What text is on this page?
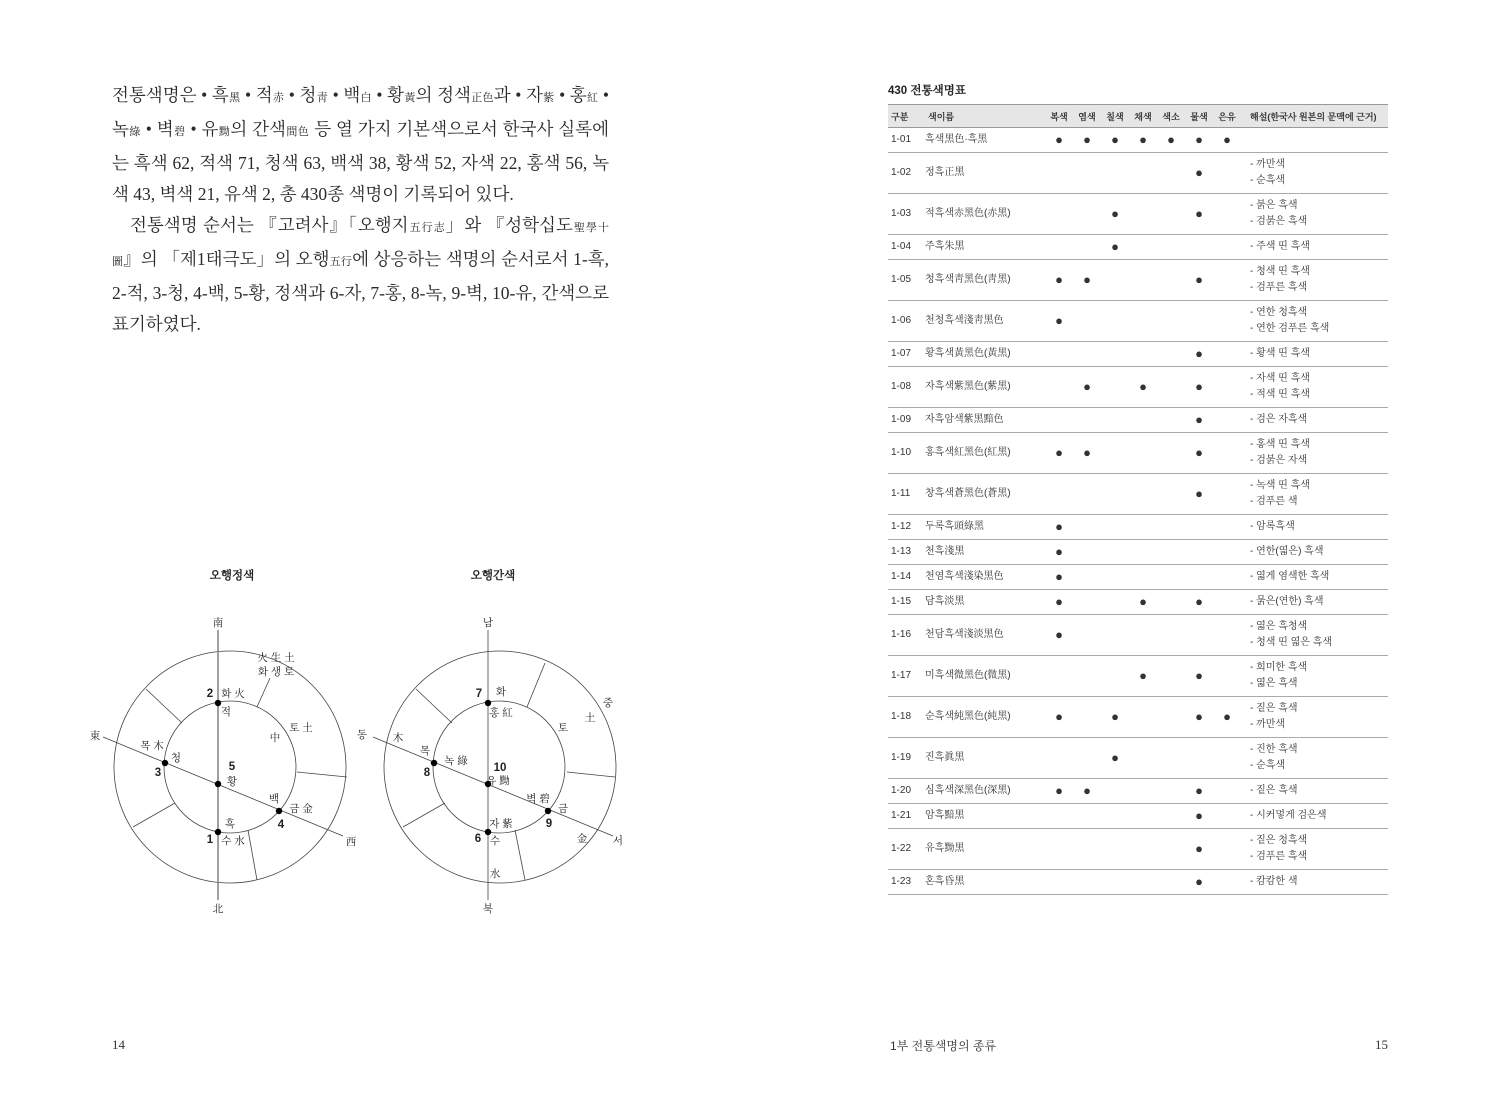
전통색명은 • 흑黑 • 적赤 • 청靑 • 백白 • 황黃의 정색正色과 • 자紫 • 홍紅 • 녹綠 • 벽碧 • 유黝의 간색間色 등 열 가지 기본색으로서 한국사 실록에는 흑색 62, 적색 71, 청색 63, 백색 38, 황색 52, 자색 22, 홍색 56, 녹색 43, 벽색 21, 유색 2, 총 430종 색명이 기록되어 있다.

전통색명 순서는 『고려사』「오행지五行志」와 『성학십도聖學十圖』의 「제1태극도」의 오행五行에 상응하는 색명의 순서로서 1-흑, 2-적, 3-청, 4-백, 5-황, 정색과 6-자, 7-홍, 8-녹, 9-벽, 10-유, 간색으로 표기하였다.

오행정색
南
火 生 土
화 생 토
2 화 火
적
中
토 土
東
목 木
청
3	5
황
백
금 金
4
흑
1 수 水	西
北
오행간색
남
7 화
홍 紅
중
土
토
동 木
목
녹 綠
8	10
유 黝
벽 碧
금
9
자 紫
金 서
6 수
水
북
14
430 전통색명표
구분	색이름	복색	염색	칠색	채색	색소	물색	은유	해설(한국사 원본의 문맥에 근거)
1-01	흑색黑色·흑黑	●	●	●	●	●	●	●	
1-02	정흑正黑						●		- 까만색
- 순흑색

1-03	적흑색赤黑色(赤黑)			●			●		- 붉은 흑색
- 검붉은 흑색

1-04	주흑朱黑			●					- 주색 띤 흑색

1-05	청흑색靑黑色(靑黑)	●	●				●		- 청색 띤 흑색
- 검푸른 흑색

1-06	천청흑색淺靑黑色	●							- 연한 청흑색
- 연한 검푸른 흑색

1-07	황흑색黃黑色(黃黑)						●		- 황색 띤 흑색

1-08	자흑색紫黑色(紫黑)		●		●		●		- 자색 띤 흑색
- 적색 띤 흑색

1-09	자흑암색紫黑黯色						●		- 검은 자흑색

1-10	홍흑색紅黑色(紅黑)	●	●				●		- 홍색 띤 흑색
- 검붉은 자색

1-11	창흑색蒼黑色(蒼黑)						●		- 녹색 띤 흑색
- 검푸른 색

1-12	두록흑頭綠黑	●							- 암록흑색

1-13	천흑淺黑	●							- 연한(엷은) 흑색

1-14	천염흑색淺染黑色	●							- 엷게 염색한 흑색

1-15	담흑淡黑	●			●		●		- 묽은(연한) 흑색

1-16	천담흑색淺淡黑色	●							- 엷은 흑청색
- 청색 띤 엷은 흑색

1-17	미흑색微黑色(微黑)				●		●		- 희미한 흑색
- 엷은 흑색

1-18	순흑색純黑色(純黑)	●		●			●	●	- 짙은 흑색
- 까만색

1-19	진흑眞黑			●					- 진한 흑색
- 순흑색

1-20	심흑색深黑色(深黑)	●	●				●		- 짙은 흑색

1-21	암흑黯黑						●		- 시커멓게 검은색

1-22	유흑黝黑						●		- 짙은 청흑색
- 검푸른 흑색

1-23	혼흑昏黑						●		- 캄캄한 색
1부 전통색명의 종류	15
